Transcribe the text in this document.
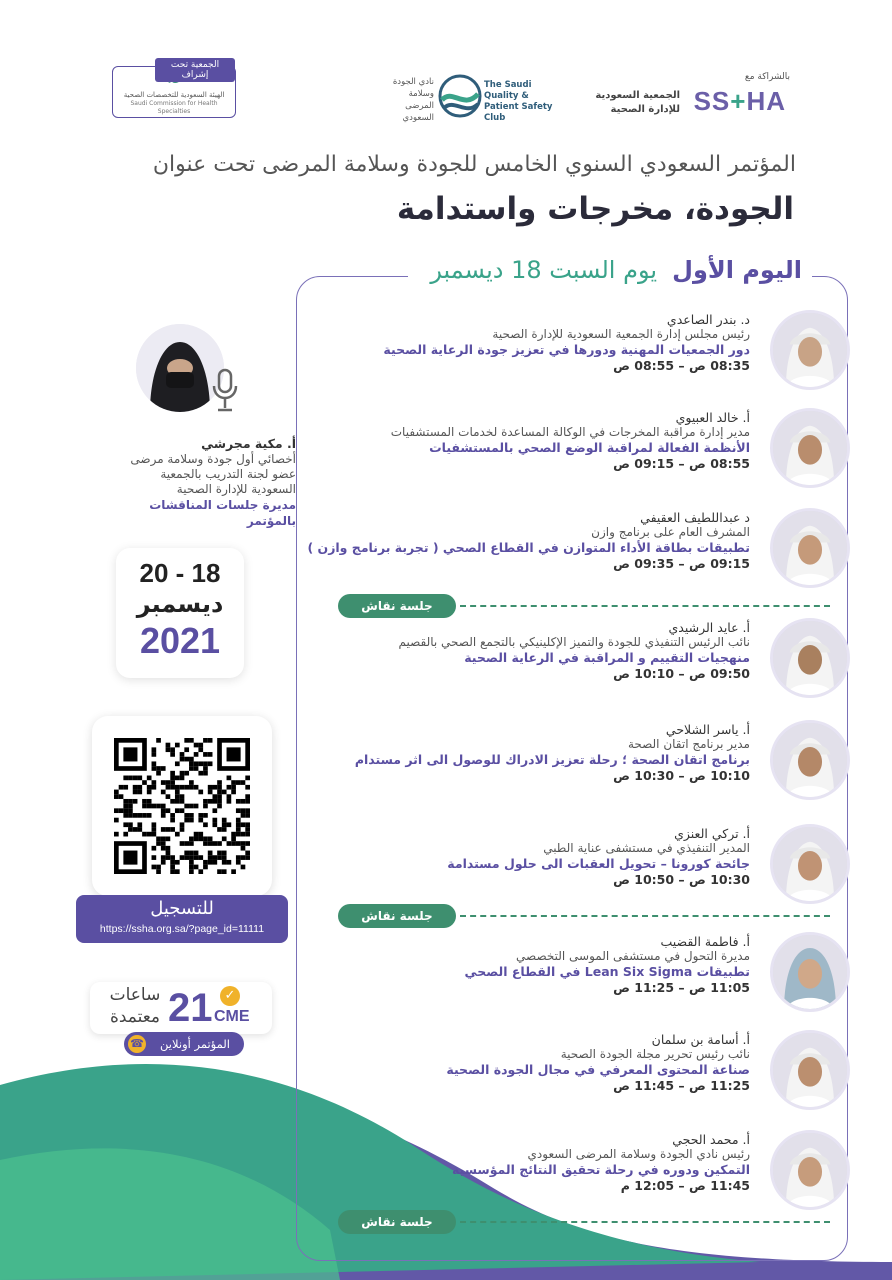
الجمعية تحت إشراف
الهيئة السعودية للتخصصات الصحية
Saudi Commission for Health Specialties
نادي الجودة وسلامة المرضى السعودي
The Saudi Quality & Patient Safety Club
بالشراكة مع
SS+HA
الجمعية السعودية
للإدارة الصحية
المؤتمر السعودي السنوي الخامس للجودة وسلامة المرضى تحت عنوان
الجودة، مخرجات واستدامة
اليوم الأول يوم السبت 18 ديسمبر
د. بندر الصاعدي
رئيس مجلس إدارة الجمعية السعودية للإدارة الصحية
دور الجمعيات المهنية ودورها في تعزيز جودة الرعاية الصحية
08:35 ص – 08:55 ص
أ. خالد العبيوي
مدير إدارة مراقبة المخرجات في الوكالة المساعدة لخدمات المستشفيات
الأنظمة الفعالة لمراقبة الوضع الصحي بالمستشفيات
08:55 ص – 09:15 ص
د عبداللطيف العقيفي
المشرف العام على برنامج وازن
تطبيقات بطاقة الأداء المتوازن في القطاع الصحي ( تجربة برنامج وازن )
09:15 ص – 09:35 ص
أ. عايد الرشيدي
نائب الرئيس التنفيذي للجودة والتميز الإكلينيكي بالتجمع الصحي بالقصيم
منهجيات التقييم و المراقبة في الرعاية الصحية
09:50 ص – 10:10 ص
أ. ياسر الشلاحي
مدير برنامج اتقان الصحة
برنامج اتقان الصحة ؛ رحلة تعزيز الادراك للوصول الى اثر مستدام
10:10 ص – 10:30 ص
أ. تركي العنزي
المدير التنفيذي في مستشفى عناية الطبي
جائحة كورونا – تحويل العقبات الى حلول مستدامة
10:30 ص – 10:50 ص
أ. فاطمة القضيب
مديرة التحول في مستشفى الموسى التخصصي
تطبيقات Lean Six Sigma في القطاع الصحي
11:05 ص – 11:25 ص
أ. أسامة بن سلمان
نائب رئيس تحرير مجلة الجودة الصحية
صناعة المحتوى المعرفي في مجال الجودة الصحية
11:25 ص – 11:45 ص
أ. محمد الحجي
رئيس نادي الجودة وسلامة المرضى السعودي
التمكين ودوره في رحلة تحقيق النتائج المؤسسية
11:45 ص – 12:05 م
جلسة نقاش
جلسة نقاش
جلسة نقاش
أ. مكية مجرشي
أخصائي أول جودة وسلامة مرضى
عضو لجنة التدريب بالجمعية
السعودية للإدارة الصحية
مديرة جلسات المناقشات بالمؤتمر
20 - 18
ديسمبر
2021
للتسجيل
https://ssha.org.sa/?page_id=11111
ساعات معتمدة 21 ✓
CME
☎ المؤتمر أونلاين
